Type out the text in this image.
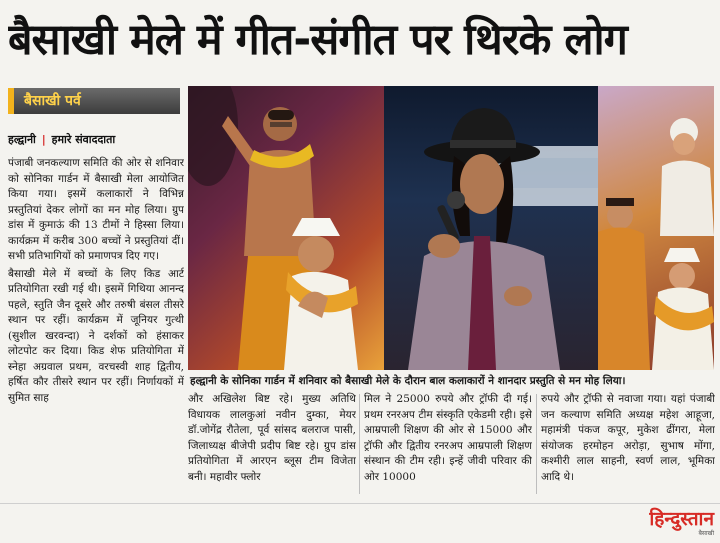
बैसाखी मेले में गीत-संगीत पर थिरके लोग
बैसाखी पर्व
हल्द्वानी | हमारे संवाददाता

पंजाबी जनकल्याण समिति की ओर से शनिवार को सोनिका गार्डन में बैसाखी मेला आयोजित किया गया। इसमें कलाकारों ने विभिन्न प्रस्तुतियां देकर लोगों का मन मोह लिया। ग्रुप डांस में कुमाऊं की 13 टीमों ने हिस्सा लिया। कार्यक्रम में करीब 300 बच्चों ने प्रस्तुतियां दीं। सभी प्रतिभागियों को प्रमाणपत्र दिए गए।

बैसाखी मेले में बच्चों के लिए किड आर्ट प्रतियोगिता रखी गई थी। इसमें गिथिया आनन्द पहले, स्तुति जैन दूसरे और तरुषी बंसल तीसरे स्थान पर रहीं। कार्यक्रम में जूनियर गुत्थी (सुशील खरवन्दा) ने दर्शकों को हंसाकर लोटपोट कर दिया। किड शेफ प्रतियोगिता में स्नेहा अग्रवाल प्रथम, वरचस्वी शाह द्वितीय, हर्षित कौर तीसरे स्थान पर रहीं। निर्णायकों में सुमित साह

हल्द्वानी के सोनिका गार्डन में शनिवार को बैसाखी मेले के दौरान बाल कलाकारों ने शानदार प्रस्तुति से मन मोह लिया।
और अखिलेश बिष्ट रहे। मुख्य अतिथि विधायक लालकुआं नवीन दुम्का, मेयर डॉ.जोगेंद्र रौतेला, पूर्व सांसद बलराज पासी, जिलाध्यक्ष बीजेपी प्रदीप बिष्ट रहे। ग्रुप डांस प्रतियोगिता में आरएन ब्लूस टीम विजेता बनी। महावीर फ्लोर
मिल ने 25000 रुपये और ट्रॉफी दी गई। प्रथम रनरअप टीम संस्कृति एकेडमी रही। इसे आम्रपाली शिक्षण की ओर से 15000 और ट्रॉफी और द्वितीय रनरअप आम्रपाली शिक्षण संस्थान की टीम रही। इन्हें जीवी परिवार की ओर 10000
रुपये और ट्रॉफी से नवाजा गया। यहां पंजाबी जन कल्याण समिति अध्यक्ष महेश आहूजा, महामंत्री पंकज कपूर, मुकेश ढींगरा, मेला संयोजक हरमोहन अरोड़ा, सुभाष मोंगा, कश्मीरी लाल साहनी, स्वर्ण लाल, भूमिका आदि थे।
हिन्दुस्तान
बैसाखी
